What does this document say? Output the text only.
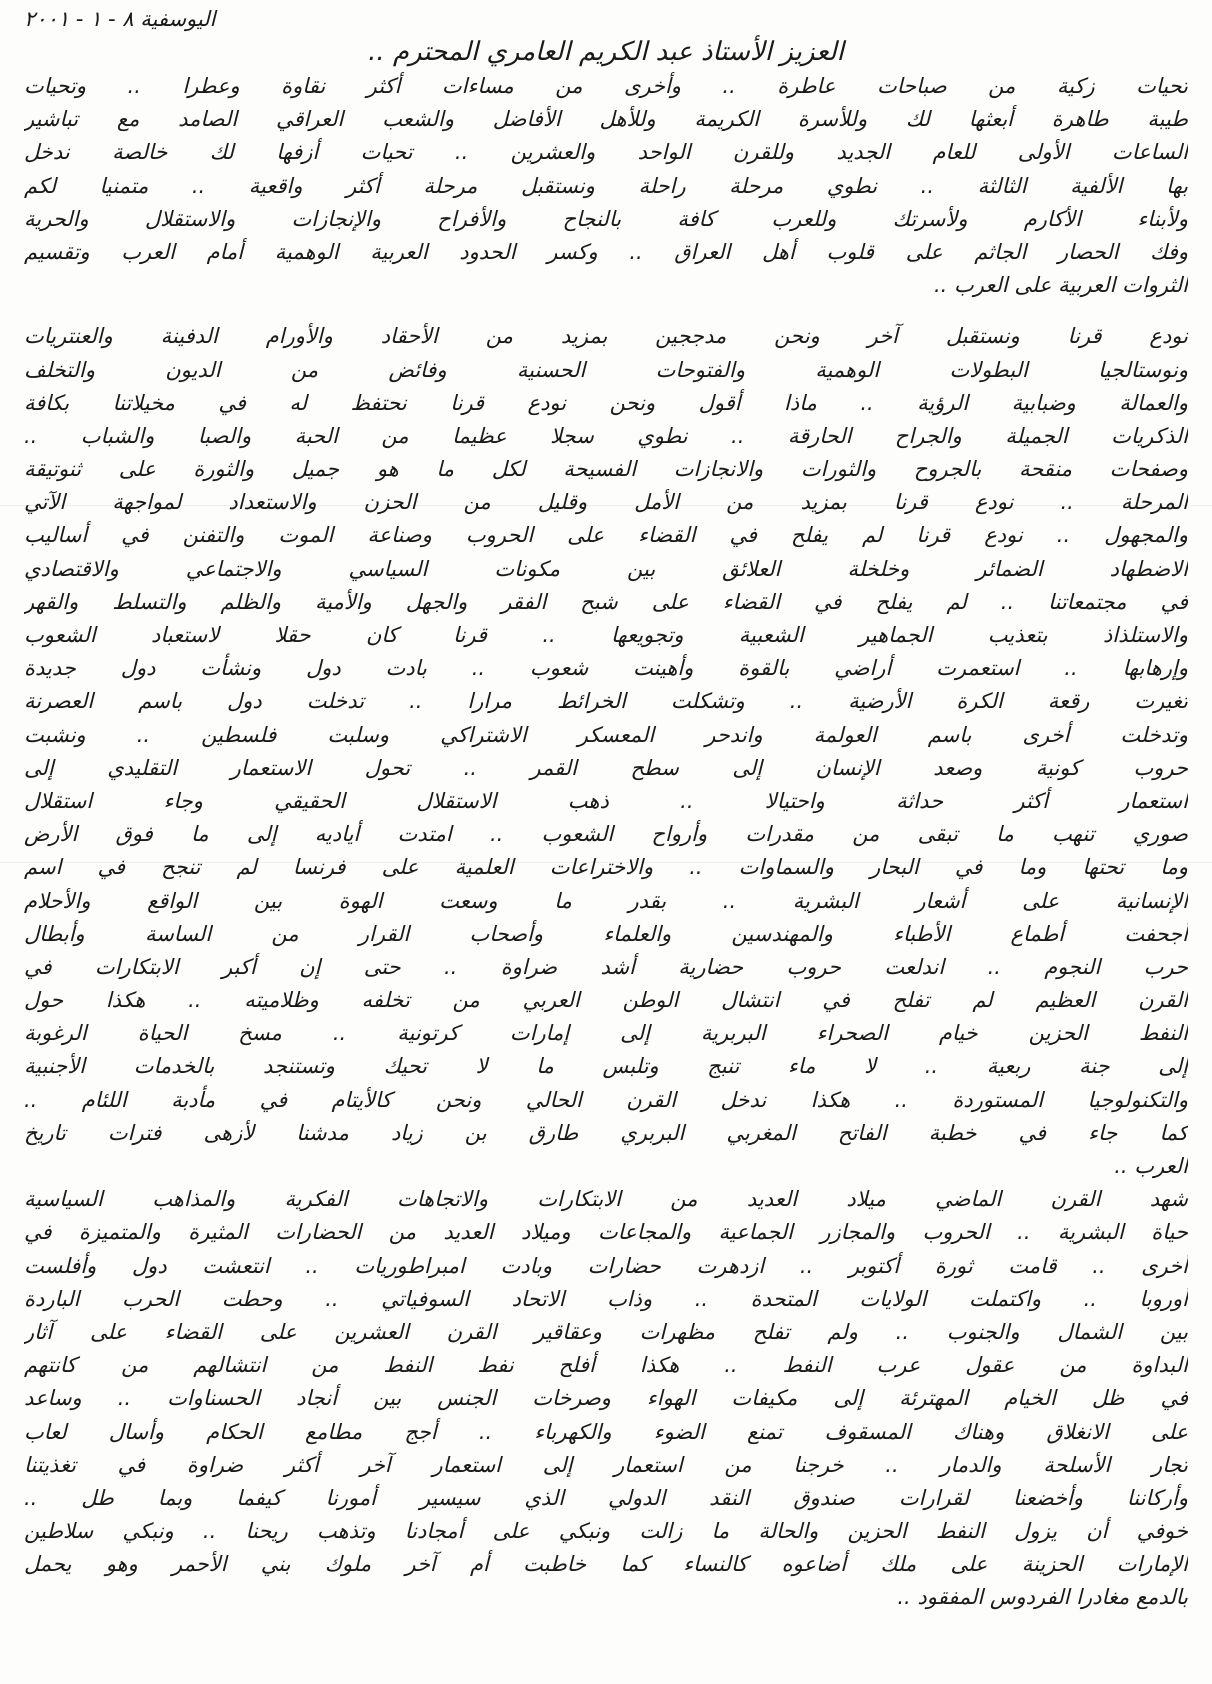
اليوسفية ٨ - ١ - ٢٠٠١
العزيز الأستاذ عبد الكريم العامري المحترم ..
تحيات زكية من صباحات عاطرة .. وأخرى من مساءات أكثر نقاوة وعطرا .. وتحيات
طيبة طاهرة أبعثها لك وللأسرة الكريمة وللأهل الأفاضل والشعب العراقي الصامد مع تباشير
الساعات الأولى للعام الجديد وللقرن الواحد والعشرين .. تحيات أزفها لك خالصة ندخل
بها الألفية الثالثة .. نطوي مرحلة راحلة ونستقبل مرحلة أكثر واقعية .. متمنيا لكم
ولأبناء الأكارم ولأسرتك وللعرب كافة بالنجاح والأفراح والإنجازات والاستقلال والحرية
وفك الحصار الجاثم على قلوب أهل العراق .. وكسر الحدود العربية الوهمية أمام العرب وتقسيم
الثروات العربية على العرب ..
نودع قرنا ونستقبل آخر ونحن مدججين بمزيد من الأحقاد والأورام الدفينة والعنتريات
ونوستالجيا البطولات الوهمية والفتوحات الحسنية وفائض من الديون والتخلف
والعمالة وضبابية الرؤية .. ماذا أقول ونحن نودع قرنا نحتفظ له في مخيلاتنا بكافة
الذكريات الجميلة والجراح الحارقة .. نطوي سجلا عظيما من الحبة والصبا والشباب ..
وصفحات منقحة بالجروح والثورات والانجازات الفسيحة لكل ما هو جميل والثورة على ثنوتيقة
المرحلة .. نودع قرنا بمزيد من الأمل وقليل من الحزن والاستعداد لمواجهة الآتي
والمجهول .. نودع قرنا لم يفلح في القضاء على الحروب وصناعة الموت والتفنن في أساليب
الاضطهاد الضمائر وخلخلة العلائق بين مكونات السياسي والاجتماعي والاقتصادي
في مجتمعاتنا .. لم يفلح في القضاء على شبح الفقر والجهل والأمية والظلم والتسلط والقهر
والاستلذاذ بتعذيب الجماهير الشعبية وتجويعها .. قرنا كان حقلا لاستعباد الشعوب
وإرهابها .. استعمرت أراضي بالقوة وأهينت شعوب .. بادت دول ونشأت دول جديدة
تغيرت رقعة الكرة الأرضية .. وتشكلت الخرائط مرارا .. تدخلت دول باسم العصرنة
وتدخلت أخرى باسم العولمة واندحر المعسكر الاشتراكي وسلبت فلسطين .. ونشبت
حروب كونية وصعد الإنسان إلى سطح القمر .. تحول الاستعمار التقليدي إلى
استعمار أكثر حداثة واحتيالا .. ذهب الاستقلال الحقيقي وجاء استقلال
صوري تنهب ما تبقى من مقدرات وأرواح الشعوب .. امتدت أياديه إلى ما فوق الأرض
وما تحتها وما في البحار والسماوات .. والاختراعات العلمية على فرنسا لم تنجح في اسم
الإنسانية على أشعار البشرية .. بقدر ما وسعت الهوة بين الواقع والأحلام
أجحفت أطماع الأطباء والمهندسين والعلماء وأصحاب القرار من الساسة وأبطال
حرب النجوم .. اندلعت حروب حضارية أشد ضراوة .. حتى إن أكبر الابتكارات في
القرن العظيم لم تفلح في انتشال الوطن العربي من تخلفه وظلاميته .. هكذا حول
النفط الحزين خيام الصحراء البربرية إلى إمارات كرتونية .. مسخ الحياة الرغوبة
إلى جنة ربعية .. لا ماء تنبج وتلبس ما لا تحيك وتستنجد بالخدمات الأجنبية
والتكنولوجيا المستوردة .. هكذا ندخل القرن الحالي ونحن كالأيتام في مأدبة اللئام ..
كما جاء في خطبة الفاتح المغربي البربري طارق بن زياد مدشنا لأزهى فترات تاريخ
العرب ..
شهد القرن الماضي ميلاد العديد من الابتكارات والاتجاهات الفكرية والمذاهب السياسية
حياة البشرية .. الحروب والمجازر الجماعية والمجاعات وميلاد العديد من الحضارات المثيرة والمتميزة في
أخرى .. قامت ثورة أكتوبر .. ازدهرت حضارات وبادت امبراطوريات .. انتعشت دول وأفلست
أوروبا .. واكتملت الولايات المتحدة .. وذاب الاتحاد السوفياتي .. وحطت الحرب الباردة
بين الشمال والجنوب .. ولم تفلح مظهرات وعقاقير القرن العشرين على القضاء على آثار
البداوة من عقول عرب النفط .. هكذا أفلح نفط النفط من انتشالهم من كانتهم
في ظل الخيام المهترئة إلى مكيفات الهواء وصرخات الجنس بين أنجاد الحسناوات .. وساعد
على الانغلاق وهناك المسقوف تمنع الضوء والكهرباء .. أجج مطامع الحكام وأسال لعاب
تجار الأسلحة والدمار .. خرجنا من استعمار إلى استعمار آخر أكثر ضراوة في تغذيتنا
وأركاننا وأخضعنا لقرارات صندوق النقد الدولي الذي سيسير أمورنا كيفما وبما طل ..
خوفي أن يزول النفط الحزين والحالة ما زالت ونبكي على أمجادنا وتذهب ريحنا .. ونبكي سلاطين
الإمارات الحزينة على ملك أضاعوه كالنساء كما خاطبت أم آخر ملوك بني الأحمر وهو يحمل
بالدمع مغادرا الفردوس المفقود ..
